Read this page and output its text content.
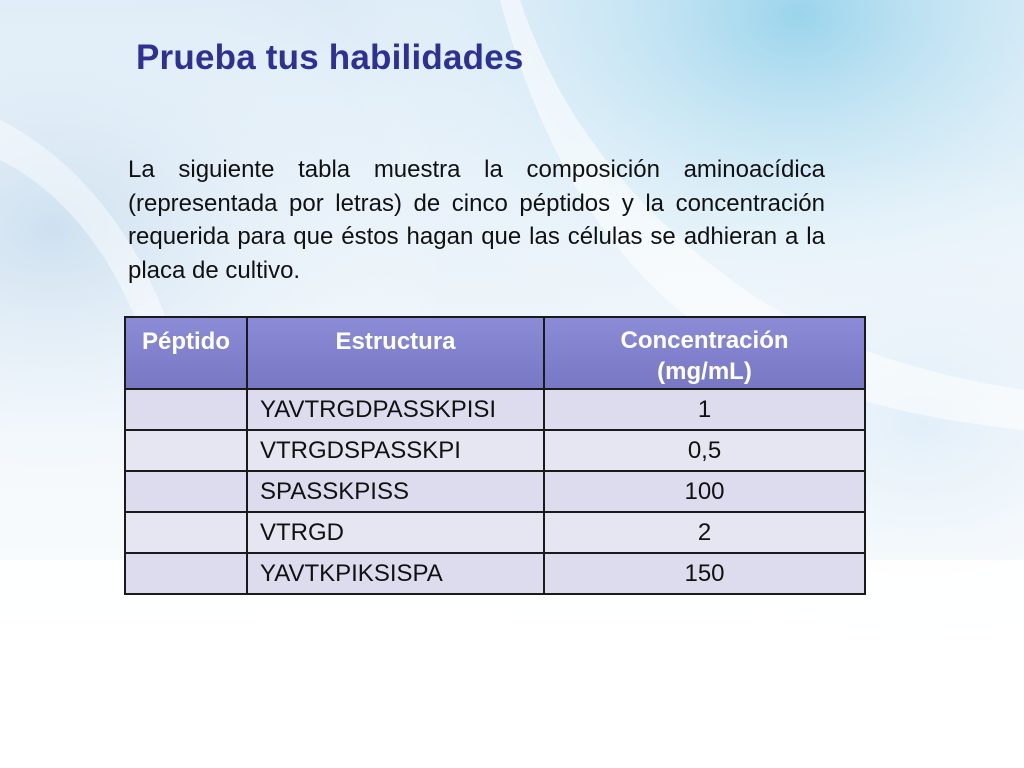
Prueba tus habilidades
La siguiente tabla muestra la composición aminoacídica (representada por letras) de cinco péptidos y la concentración requerida para que éstos hagan que las células se adhieran a la placa de cultivo.
Péptido	Estructura	Concentración
(mg/mL)
	YAVTRGDPASSKPISI	1
	VTRGDSPASSKPI	0,5
	SPASSKPISS	100
	VTRGD	2
	YAVTKPIKSISPA	150
